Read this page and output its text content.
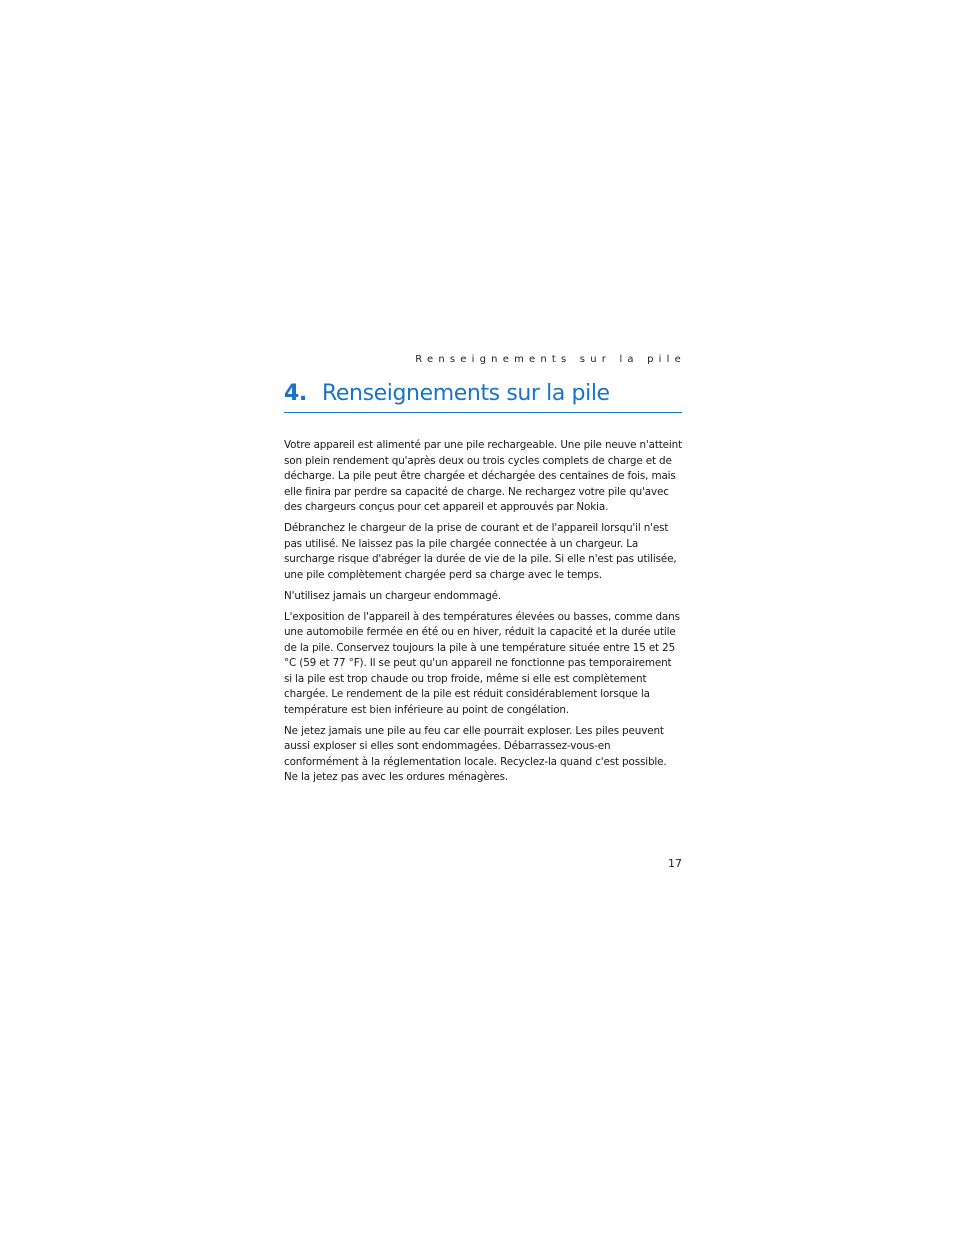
Renseignements sur la pile
4. Renseignements sur la pile

Votre appareil est alimenté par une pile rechargeable. Une pile neuve n'atteint son plein rendement qu'après deux ou trois cycles complets de charge et de décharge. La pile peut être chargée et déchargée des centaines de fois, mais elle finira par perdre sa capacité de charge. Ne rechargez votre pile qu'avec des chargeurs conçus pour cet appareil et approuvés par Nokia.

Débranchez le chargeur de la prise de courant et de l'appareil lorsqu'il n'est pas utilisé. Ne laissez pas la pile chargée connectée à un chargeur. La surcharge risque d'abréger la durée de vie de la pile. Si elle n'est pas utilisée, une pile complètement chargée perd sa charge avec le temps.

N'utilisez jamais un chargeur endommagé.

L'exposition de l'appareil à des températures élevées ou basses, comme dans une automobile fermée en été ou en hiver, réduit la capacité et la durée utile de la pile. Conservez toujours la pile à une température située entre 15 et 25 °C (59 et 77 °F). Il se peut qu'un appareil ne fonctionne pas temporairement si la pile est trop chaude ou trop froide, même si elle est complètement chargée. Le rendement de la pile est réduit considérablement lorsque la température est bien inférieure au point de congélation.

Ne jetez jamais une pile au feu car elle pourrait exploser. Les piles peuvent aussi exploser si elles sont endommagées. Débarrassez-vous-en conformément à la réglementation locale. Recyclez-la quand c'est possible. Ne la jetez pas avec les ordures ménagères.

17
